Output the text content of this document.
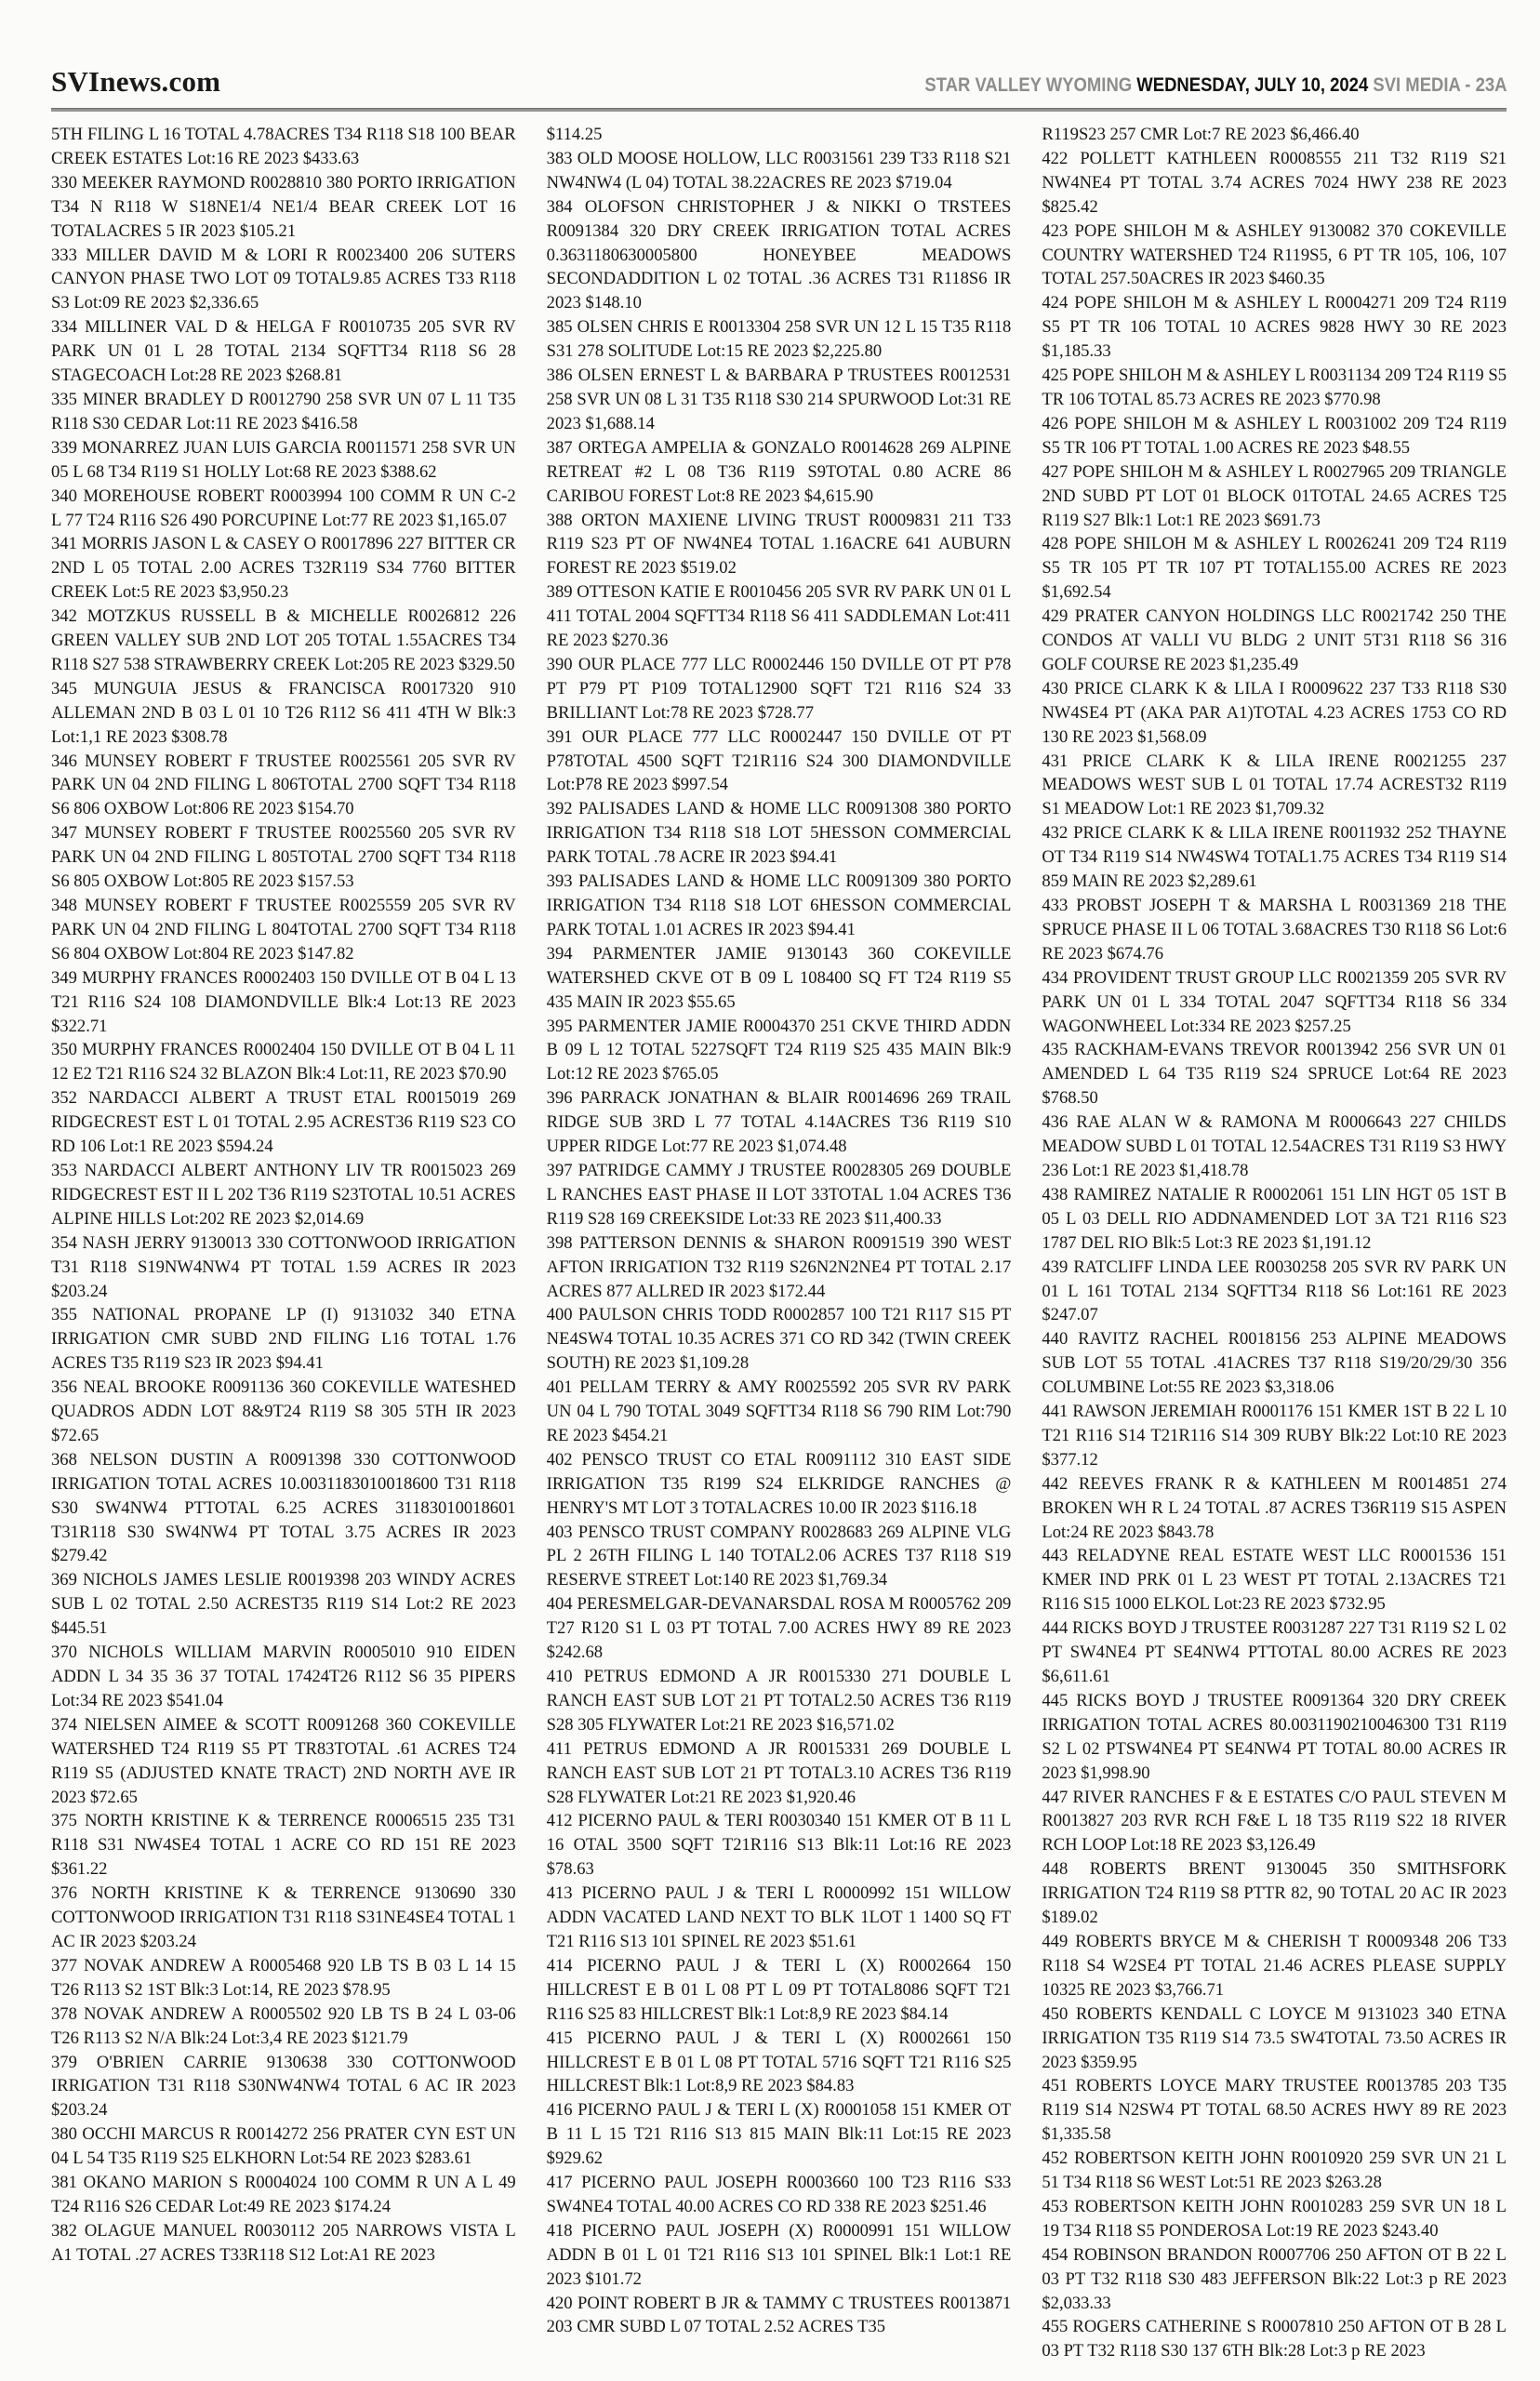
SVInews.com	STAR VALLEY WYOMING WEDNESDAY, JULY 10, 2024 SVI MEDIA - 23A

5TH FILING L 16 TOTAL 4.78ACRES T34 R118 S18 100 BEAR CREEK ESTATES Lot:16 RE 2023 $433.63

330 MEEKER RAYMOND R0028810 380 PORTO IRRIGATION T34 N R118 W S18NE1/4 NE1/4 BEAR CREEK LOT 16 TOTALACRES 5 IR 2023 $105.21

333 MILLER DAVID M & LORI R R0023400 206 SUTERS CANYON PHASE TWO LOT 09 TOTAL9.85 ACRES T33 R118 S3 Lot:09 RE 2023 $2,336.65

334 MILLINER VAL D & HELGA F R0010735 205 SVR RV PARK UN 01 L 28 TOTAL 2134 SQFTT34 R118 S6 28 STAGECOACH Lot:28 RE 2023 $268.81

335 MINER BRADLEY D R0012790 258 SVR UN 07 L 11 T35 R118 S30 CEDAR Lot:11 RE 2023 $416.58

339 MONARREZ JUAN LUIS GARCIA R0011571 258 SVR UN 05 L 68 T34 R119 S1 HOLLY Lot:68 RE 2023 $388.62

340 MOREHOUSE ROBERT R0003994 100 COMM R UN C-2 L 77 T24 R116 S26 490 PORCUPINE Lot:77 RE 2023 $1,165.07

341 MORRIS JASON L & CASEY O R0017896 227 BITTER CR 2ND L 05 TOTAL 2.00 ACRES T32R119 S34 7760 BITTER CREEK Lot:5 RE 2023 $3,950.23

342 MOTZKUS RUSSELL B & MICHELLE R0026812 226 GREEN VALLEY SUB 2ND LOT 205 TOTAL 1.55ACRES T34 R118 S27 538 STRAWBERRY CREEK Lot:205 RE 2023 $329.50

345 MUNGUIA JESUS & FRANCISCA R0017320 910 ALLEMAN 2ND B 03 L 01 10 T26 R112 S6 411 4TH W Blk:3 Lot:1,1 RE 2023 $308.78

346 MUNSEY ROBERT F TRUSTEE R0025561 205 SVR RV PARK UN 04 2ND FILING L 806TOTAL 2700 SQFT T34 R118 S6 806 OXBOW Lot:806 RE 2023 $154.70

347 MUNSEY ROBERT F TRUSTEE R0025560 205 SVR RV PARK UN 04 2ND FILING L 805TOTAL 2700 SQFT T34 R118 S6 805 OXBOW Lot:805 RE 2023 $157.53

348 MUNSEY ROBERT F TRUSTEE R0025559 205 SVR RV PARK UN 04 2ND FILING L 804TOTAL 2700 SQFT T34 R118 S6 804 OXBOW Lot:804 RE 2023 $147.82

349 MURPHY FRANCES R0002403 150 DVILLE OT B 04 L 13 T21 R116 S24 108 DIAMONDVILLE Blk:4 Lot:13 RE 2023 $322.71

350 MURPHY FRANCES R0002404 150 DVILLE OT B 04 L 11 12 E2 T21 R116 S24 32 BLAZON Blk:4 Lot:11, RE 2023 $70.90

352 NARDACCI ALBERT A TRUST ETAL R0015019 269 RIDGECREST EST L 01 TOTAL 2.95 ACREST36 R119 S23 CO RD 106 Lot:1 RE 2023 $594.24

353 NARDACCI ALBERT ANTHONY LIV TR R0015023 269 RIDGECREST EST II L 202 T36 R119 S23TOTAL 10.51 ACRES ALPINE HILLS Lot:202 RE 2023 $2,014.69

354 NASH JERRY 9130013 330 COTTONWOOD IRRIGATION T31 R118 S19NW4NW4 PT TOTAL 1.59 ACRES IR 2023 $203.24

355 NATIONAL PROPANE LP (I) 9131032 340 ETNA IRRIGATION CMR SUBD 2ND FILING L16 TOTAL 1.76 ACRES T35 R119 S23 IR 2023 $94.41

356 NEAL BROOKE R0091136 360 COKEVILLE WATESHED QUADROS ADDN LOT 8&9T24 R119 S8 305 5TH IR 2023 $72.65

368 NELSON DUSTIN A R0091398 330 COTTONWOOD IRRIGATION TOTAL ACRES 10.0031183010018600 T31 R118 S30 SW4NW4 PTTOTAL 6.25 ACRES 31183010018601 T31R118 S30 SW4NW4 PT TOTAL 3.75 ACRES IR 2023 $279.42

369 NICHOLS JAMES LESLIE R0019398 203 WINDY ACRES SUB L 02 TOTAL 2.50 ACREST35 R119 S14 Lot:2 RE 2023 $445.51

370 NICHOLS WILLIAM MARVIN R0005010 910 EIDEN ADDN L 34 35 36 37 TOTAL 17424T26 R112 S6 35 PIPERS Lot:34 RE 2023 $541.04

374 NIELSEN AIMEE & SCOTT R0091268 360 COKEVILLE WATERSHED T24 R119 S5 PT TR83TOTAL .61 ACRES T24 R119 S5 (ADJUSTED KNATE TRACT) 2ND NORTH AVE IR 2023 $72.65

375 NORTH KRISTINE K & TERRENCE R0006515 235 T31 R118 S31 NW4SE4 TOTAL 1 ACRE CO RD 151 RE 2023 $361.22

376 NORTH KRISTINE K & TERRENCE 9130690 330 COTTONWOOD IRRIGATION T31 R118 S31NE4SE4 TOTAL 1 AC IR 2023 $203.24

377 NOVAK ANDREW A R0005468 920 LB TS B 03 L 14 15 T26 R113 S2 1ST Blk:3 Lot:14, RE 2023 $78.95

378 NOVAK ANDREW A R0005502 920 LB TS B 24 L 03-06 T26 R113 S2 N/A Blk:24 Lot:3,4 RE 2023 $121.79

379 O'BRIEN CARRIE 9130638 330 COTTONWOOD IRRIGATION T31 R118 S30NW4NW4 TOTAL 6 AC IR 2023 $203.24

380 OCCHI MARCUS R R0014272 256 PRATER CYN EST UN 04 L 54 T35 R119 S25 ELKHORN Lot:54 RE 2023 $283.61

381 OKANO MARION S R0004024 100 COMM R UN A L 49 T24 R116 S26 CEDAR Lot:49 RE 2023 $174.24

382 OLAGUE MANUEL R0030112 205 NARROWS VISTA L A1 TOTAL .27 ACRES T33R118 S12 Lot:A1 RE 2023

$114.25

383 OLD MOOSE HOLLOW, LLC R0031561 239 T33 R118 S21 NW4NW4 (L 04) TOTAL 38.22ACRES RE 2023 $719.04

384 OLOFSON CHRISTOPHER J & NIKKI O TRSTEES R0091384 320 DRY CREEK IRRIGATION TOTAL ACRES 0.3631180630005800 HONEYBEE MEADOWS SECONDADDITION L 02 TOTAL .36 ACRES T31 R118S6 IR 2023 $148.10

385 OLSEN CHRIS E R0013304 258 SVR UN 12 L 15 T35 R118 S31 278 SOLITUDE Lot:15 RE 2023 $2,225.80

386 OLSEN ERNEST L & BARBARA P TRUSTEES R0012531 258 SVR UN 08 L 31 T35 R118 S30 214 SPURWOOD Lot:31 RE 2023 $1,688.14

387 ORTEGA AMPELIA & GONZALO R0014628 269 ALPINE RETREAT #2 L 08 T36 R119 S9TOTAL 0.80 ACRE 86 CARIBOU FOREST Lot:8 RE 2023 $4,615.90

388 ORTON MAXIENE LIVING TRUST R0009831 211 T33 R119 S23 PT OF NW4NE4 TOTAL 1.16ACRE 641 AUBURN FOREST RE 2023 $519.02

389 OTTESON KATIE E R0010456 205 SVR RV PARK UN 01 L 411 TOTAL 2004 SQFTT34 R118 S6 411 SADDLEMAN Lot:411 RE 2023 $270.36

390 OUR PLACE 777 LLC R0002446 150 DVILLE OT PT P78 PT P79 PT P109 TOTAL12900 SQFT T21 R116 S24 33 BRILLIANT Lot:78 RE 2023 $728.77

391 OUR PLACE 777 LLC R0002447 150 DVILLE OT PT P78TOTAL 4500 SQFT T21R116 S24 300 DIAMONDVILLE Lot:P78 RE 2023 $997.54

392 PALISADES LAND & HOME LLC R0091308 380 PORTO IRRIGATION T34 R118 S18 LOT 5HESSON COMMERCIAL PARK TOTAL .78 ACRE IR 2023 $94.41

393 PALISADES LAND & HOME LLC R0091309 380 PORTO IRRIGATION T34 R118 S18 LOT 6HESSON COMMERCIAL PARK TOTAL 1.01 ACRES IR 2023 $94.41

394 PARMENTER JAMIE 9130143 360 COKEVILLE WATERSHED CKVE OT B 09 L 108400 SQ FT T24 R119 S5 435 MAIN IR 2023 $55.65

395 PARMENTER JAMIE R0004370 251 CKVE THIRD ADDN B 09 L 12 TOTAL 5227SQFT T24 R119 S25 435 MAIN Blk:9 Lot:12 RE 2023 $765.05

396 PARRACK JONATHAN & BLAIR R0014696 269 TRAIL RIDGE SUB 3RD L 77 TOTAL 4.14ACRES T36 R119 S10 UPPER RIDGE Lot:77 RE 2023 $1,074.48

397 PATRIDGE CAMMY J TRUSTEE R0028305 269 DOUBLE L RANCHES EAST PHASE II LOT 33TOTAL 1.04 ACRES T36 R119 S28 169 CREEKSIDE Lot:33 RE 2023 $11,400.33

398 PATTERSON DENNIS & SHARON R0091519 390 WEST AFTON IRRIGATION T32 R119 S26N2N2NE4 PT TOTAL 2.17 ACRES 877 ALLRED IR 2023 $172.44

400 PAULSON CHRIS TODD R0002857 100 T21 R117 S15 PT NE4SW4 TOTAL 10.35 ACRES 371 CO RD 342 (TWIN CREEK SOUTH) RE 2023 $1,109.28

401 PELLAM TERRY & AMY R0025592 205 SVR RV PARK UN 04 L 790 TOTAL 3049 SQFTT34 R118 S6 790 RIM Lot:790 RE 2023 $454.21

402 PENSCO TRUST CO ETAL R0091112 310 EAST SIDE IRRIGATION T35 R199 S24 ELKRIDGE RANCHES @ HENRY'S MT LOT 3 TOTALACRES 10.00 IR 2023 $116.18

403 PENSCO TRUST COMPANY R0028683 269 ALPINE VLG PL 2 26TH FILING L 140 TOTAL2.06 ACRES T37 R118 S19 RESERVE STREET Lot:140 RE 2023 $1,769.34

404 PERESMELGAR-DEVANARSDAL ROSA M R0005762 209 T27 R120 S1 L 03 PT TOTAL 7.00 ACRES HWY 89 RE 2023 $242.68

410 PETRUS EDMOND A JR R0015330 271 DOUBLE L RANCH EAST SUB LOT 21 PT TOTAL2.50 ACRES T36 R119 S28 305 FLYWATER Lot:21 RE 2023 $16,571.02

411 PETRUS EDMOND A JR R0015331 269 DOUBLE L RANCH EAST SUB LOT 21 PT TOTAL3.10 ACRES T36 R119 S28 FLYWATER Lot:21 RE 2023 $1,920.46

412 PICERNO PAUL & TERI R0030340 151 KMER OT B 11 L 16 OTAL 3500 SQFT T21R116 S13 Blk:11 Lot:16 RE 2023 $78.63

413 PICERNO PAUL J & TERI L R0000992 151 WILLOW ADDN VACATED LAND NEXT TO BLK 1LOT 1 1400 SQ FT T21 R116 S13 101 SPINEL RE 2023 $51.61

414 PICERNO PAUL J & TERI L (X) R0002664 150 HILLCREST E B 01 L 08 PT L 09 PT TOTAL8086 SQFT T21 R116 S25 83 HILLCREST Blk:1 Lot:8,9 RE 2023 $84.14

415 PICERNO PAUL J & TERI L (X) R0002661 150 HILLCREST E B 01 L 08 PT TOTAL 5716 SQFT T21 R116 S25 HILLCREST Blk:1 Lot:8,9 RE 2023 $84.83

416 PICERNO PAUL J & TERI L (X) R0001058 151 KMER OT B 11 L 15 T21 R116 S13 815 MAIN Blk:11 Lot:15 RE 2023 $929.62

417 PICERNO PAUL JOSEPH R0003660 100 T23 R116 S33 SW4NE4 TOTAL 40.00 ACRES CO RD 338 RE 2023 $251.46

418 PICERNO PAUL JOSEPH (X) R0000991 151 WILLOW ADDN B 01 L 01 T21 R116 S13 101 SPINEL Blk:1 Lot:1 RE 2023 $101.72

420 POINT ROBERT B JR & TAMMY C TRUSTEES R0013871 203 CMR SUBD L 07 TOTAL 2.52 ACRES T35

R119S23 257 CMR Lot:7 RE 2023 $6,466.40

422 POLLETT KATHLEEN R0008555 211 T32 R119 S21 NW4NE4 PT TOTAL 3.74 ACRES 7024 HWY 238 RE 2023 $825.42

423 POPE SHILOH M & ASHLEY 9130082 370 COKEVILLE COUNTRY WATERSHED T24 R119S5, 6 PT TR 105, 106, 107 TOTAL 257.50ACRES IR 2023 $460.35

424 POPE SHILOH M & ASHLEY L R0004271 209 T24 R119 S5 PT TR 106 TOTAL 10 ACRES 9828 HWY 30 RE 2023 $1,185.33

425 POPE SHILOH M & ASHLEY L R0031134 209 T24 R119 S5 TR 106 TOTAL 85.73 ACRES RE 2023 $770.98

426 POPE SHILOH M & ASHLEY L R0031002 209 T24 R119 S5 TR 106 PT TOTAL 1.00 ACRES RE 2023 $48.55

427 POPE SHILOH M & ASHLEY L R0027965 209 TRIANGLE 2ND SUBD PT LOT 01 BLOCK 01TOTAL 24.65 ACRES T25 R119 S27 Blk:1 Lot:1 RE 2023 $691.73

428 POPE SHILOH M & ASHLEY L R0026241 209 T24 R119 S5 TR 105 PT TR 107 PT TOTAL155.00 ACRES RE 2023 $1,692.54

429 PRATER CANYON HOLDINGS LLC R0021742 250 THE CONDOS AT VALLI VU BLDG 2 UNIT 5T31 R118 S6 316 GOLF COURSE RE 2023 $1,235.49

430 PRICE CLARK K & LILA I R0009622 237 T33 R118 S30 NW4SE4 PT (AKA PAR A1)TOTAL 4.23 ACRES 1753 CO RD 130 RE 2023 $1,568.09

431 PRICE CLARK K & LILA IRENE R0021255 237 MEADOWS WEST SUB L 01 TOTAL 17.74 ACREST32 R119 S1 MEADOW Lot:1 RE 2023 $1,709.32

432 PRICE CLARK K & LILA IRENE R0011932 252 THAYNE OT T34 R119 S14 NW4SW4 TOTAL1.75 ACRES T34 R119 S14 859 MAIN RE 2023 $2,289.61

433 PROBST JOSEPH T & MARSHA L R0031369 218 THE SPRUCE PHASE II L 06 TOTAL 3.68ACRES T30 R118 S6 Lot:6 RE 2023 $674.76

434 PROVIDENT TRUST GROUP LLC R0021359 205 SVR RV PARK UN 01 L 334 TOTAL 2047 SQFTT34 R118 S6 334 WAGONWHEEL Lot:334 RE 2023 $257.25

435 RACKHAM-EVANS TREVOR R0013942 256 SVR UN 01 AMENDED L 64 T35 R119 S24 SPRUCE Lot:64 RE 2023 $768.50

436 RAE ALAN W & RAMONA M R0006643 227 CHILDS MEADOW SUBD L 01 TOTAL 12.54ACRES T31 R119 S3 HWY 236 Lot:1 RE 2023 $1,418.78

438 RAMIREZ NATALIE R R0002061 151 LIN HGT 05 1ST B 05 L 03 DELL RIO ADDNAMENDED LOT 3A T21 R116 S23 1787 DEL RIO Blk:5 Lot:3 RE 2023 $1,191.12

439 RATCLIFF LINDA LEE R0030258 205 SVR RV PARK UN 01 L 161 TOTAL 2134 SQFTT34 R118 S6 Lot:161 RE 2023 $247.07

440 RAVITZ RACHEL R0018156 253 ALPINE MEADOWS SUB LOT 55 TOTAL .41ACRES T37 R118 S19/20/29/30 356 COLUMBINE Lot:55 RE 2023 $3,318.06

441 RAWSON JEREMIAH R0001176 151 KMER 1ST B 22 L 10 T21 R116 S14 T21R116 S14 309 RUBY Blk:22 Lot:10 RE 2023 $377.12

442 REEVES FRANK R & KATHLEEN M R0014851 274 BROKEN WH R L 24 TOTAL .87 ACRES T36R119 S15 ASPEN Lot:24 RE 2023 $843.78

443 RELADYNE REAL ESTATE WEST LLC R0001536 151 KMER IND PRK 01 L 23 WEST PT TOTAL 2.13ACRES T21 R116 S15 1000 ELKOL Lot:23 RE 2023 $732.95

444 RICKS BOYD J TRUSTEE R0031287 227 T31 R119 S2 L 02 PT SW4NE4 PT SE4NW4 PTTOTAL 80.00 ACRES RE 2023 $6,611.61

445 RICKS BOYD J TRUSTEE R0091364 320 DRY CREEK IRRIGATION TOTAL ACRES 80.0031190210046300 T31 R119 S2 L 02 PTSW4NE4 PT SE4NW4 PT TOTAL 80.00 ACRES IR 2023 $1,998.90

447 RIVER RANCHES F & E ESTATES C/O PAUL STEVEN M R0013827 203 RVR RCH F&E L 18 T35 R119 S22 18 RIVER RCH LOOP Lot:18 RE 2023 $3,126.49

448 ROBERTS BRENT 9130045 350 SMITHSFORK IRRIGATION T24 R119 S8 PTTR 82, 90 TOTAL 20 AC IR 2023 $189.02

449 ROBERTS BRYCE M & CHERISH T R0009348 206 T33 R118 S4 W2SE4 PT TOTAL 21.46 ACRES PLEASE SUPPLY 10325 RE 2023 $3,766.71

450 ROBERTS KENDALL C LOYCE M 9131023 340 ETNA IRRIGATION T35 R119 S14 73.5 SW4TOTAL 73.50 ACRES IR 2023 $359.95

451 ROBERTS LOYCE MARY TRUSTEE R0013785 203 T35 R119 S14 N2SW4 PT TOTAL 68.50 ACRES HWY 89 RE 2023 $1,335.58

452 ROBERTSON KEITH JOHN R0010920 259 SVR UN 21 L 51 T34 R118 S6 WEST Lot:51 RE 2023 $263.28

453 ROBERTSON KEITH JOHN R0010283 259 SVR UN 18 L 19 T34 R118 S5 PONDEROSA Lot:19 RE 2023 $243.40

454 ROBINSON BRANDON R0007706 250 AFTON OT B 22 L 03 PT T32 R118 S30 483 JEFFERSON Blk:22 Lot:3 p RE 2023 $2,033.33

455 ROGERS CATHERINE S R0007810 250 AFTON OT B 28 L 03 PT T32 R118 S30 137 6TH Blk:28 Lot:3 p RE 2023
